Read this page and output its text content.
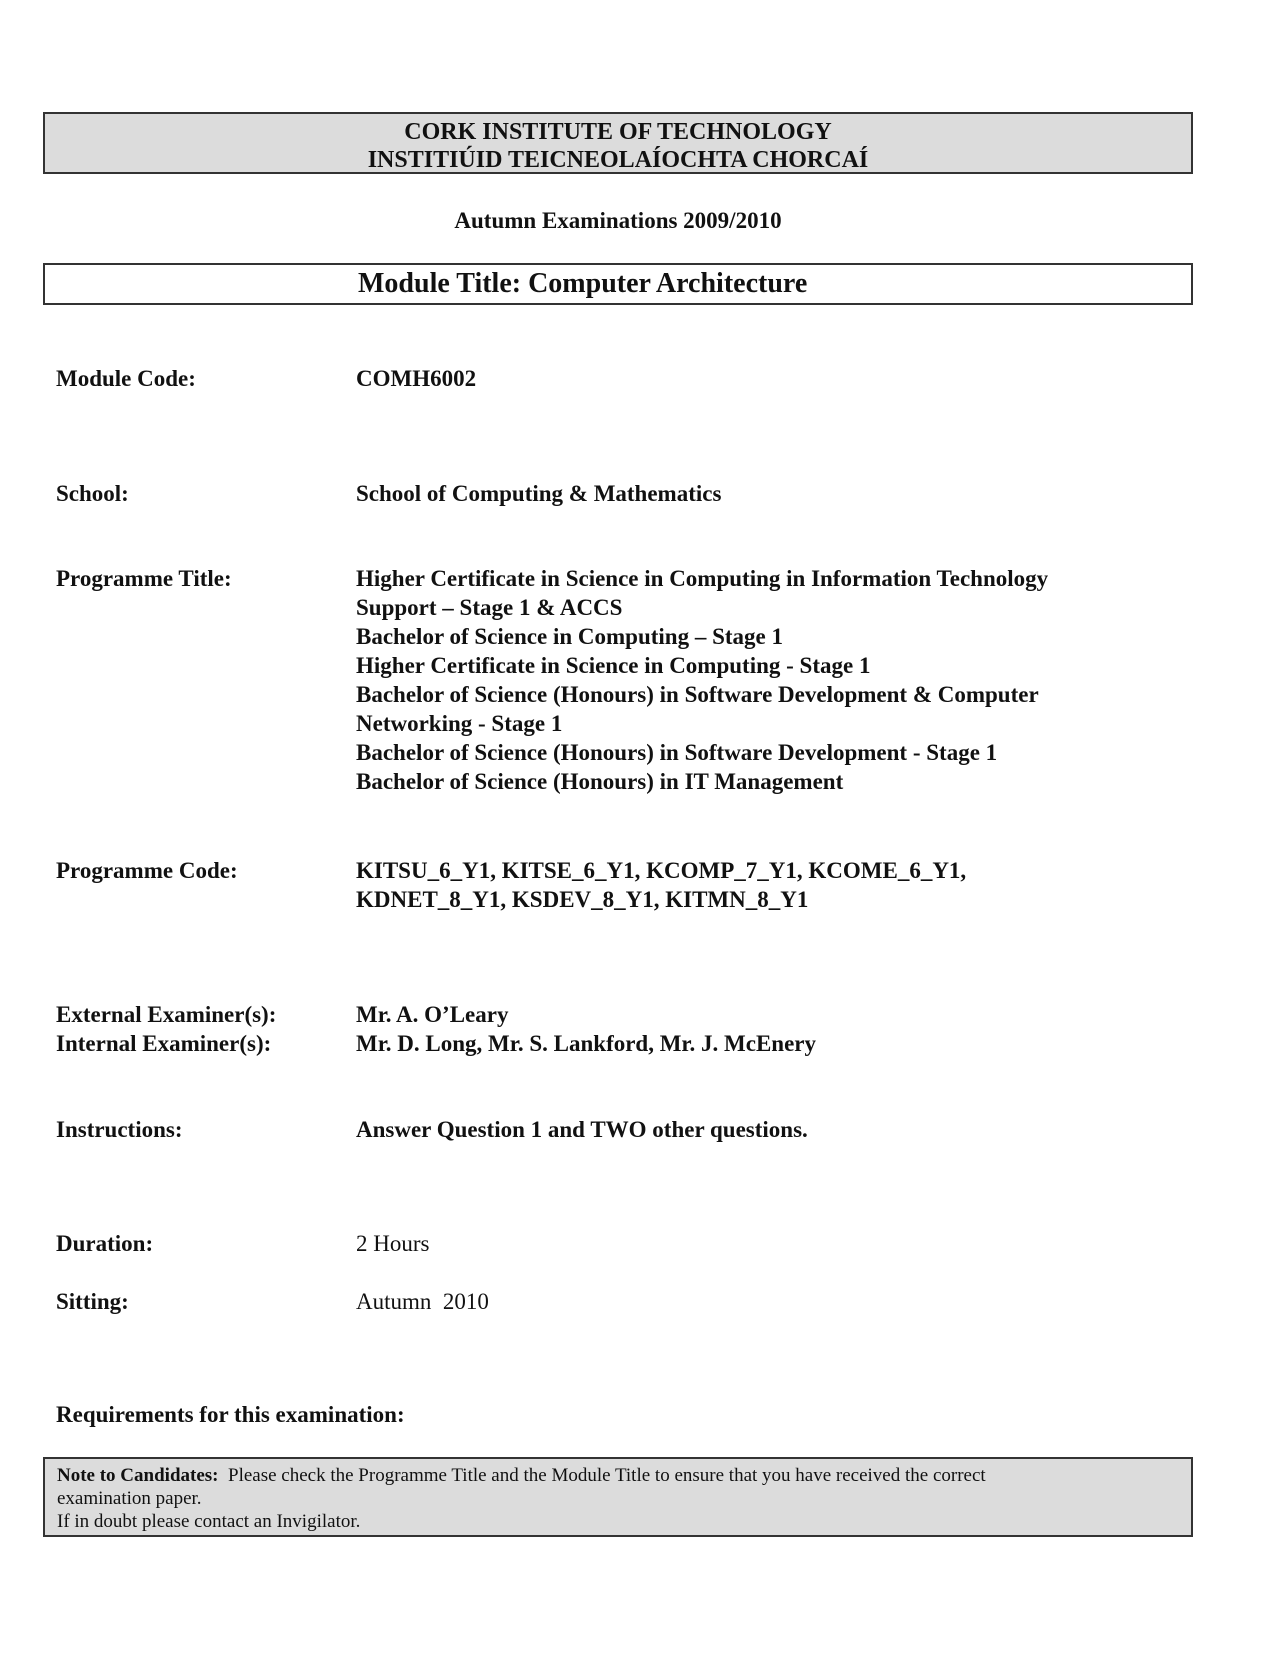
CORK INSTITUTE OF TECHNOLOGY
INSTITIÚID TEICNEOLAÍOCHTA CHORCAÍ
Autumn Examinations 2009/2010
Module Title: Computer Architecture
Module Code:	COMH6002
School:	School of Computing & Mathematics
Programme Title:	Higher Certificate in Science in Computing in Information Technology
Support – Stage 1 & ACCS
Bachelor of Science in Computing – Stage 1
Higher Certificate in Science in Computing - Stage 1
Bachelor of Science (Honours) in Software Development & Computer
Networking - Stage 1
Bachelor of Science (Honours) in Software Development - Stage 1
Bachelor of Science (Honours) in IT Management
Programme Code:	KITSU_6_Y1, KITSE_6_Y1, KCOMP_7_Y1, KCOME_6_Y1,
KDNET_8_Y1, KSDEV_8_Y1, KITMN_8_Y1
External Examiner(s):	Mr. A. O’Leary
Internal Examiner(s):	Mr. D. Long, Mr. S. Lankford, Mr. J. McEnery
Instructions:	Answer Question 1 and TWO other questions.
Duration:	2 Hours
Sitting:	Autumn  2010
Requirements for this examination:
Note to Candidates:  Please check the Programme Title and the Module Title to ensure that you have received the correct
examination paper.
If in doubt please contact an Invigilator.
